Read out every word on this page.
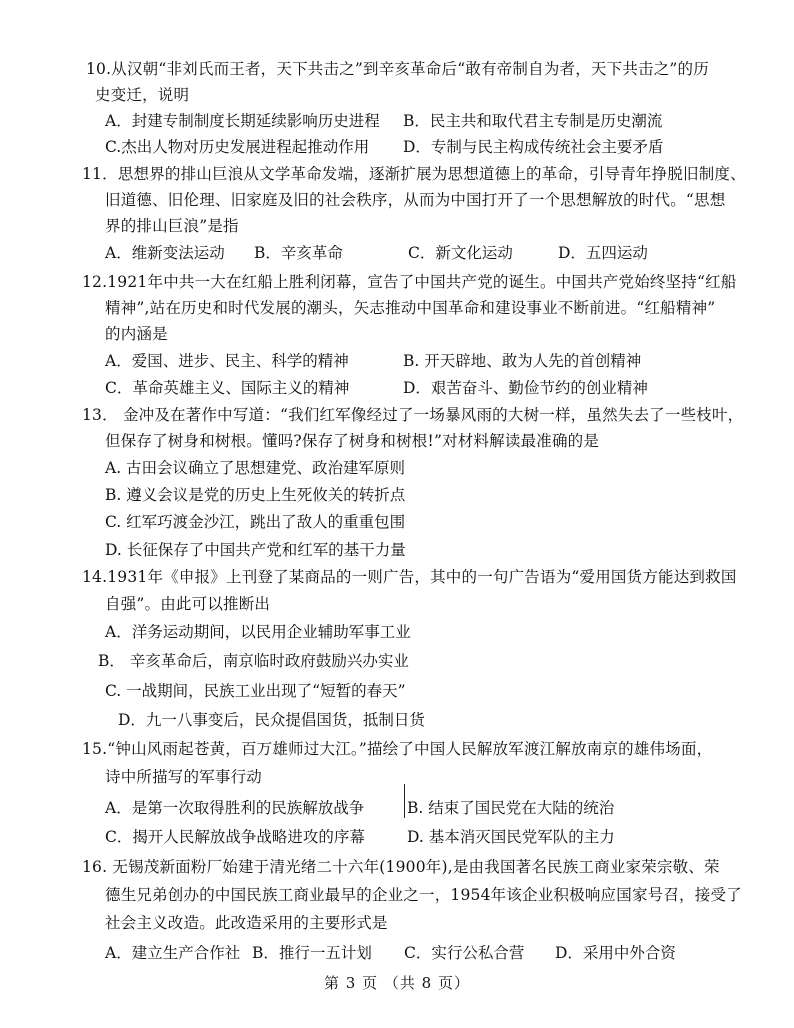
10.从汉朝“非刘氏而王者，天下共击之”到辛亥革命后“敢有帝制自为者，天下共击之”的历
史变迁，说明
A．封建专制制度长期延续影响历史进程 B．民主共和取代君主专制是历史潮流
C.杰出人物对历史发展进程起推动作用 D．专制与民主构成传统社会主要矛盾
11．思想界的排山巨浪从文学革命发端，逐渐扩展为思想道德上的革命，引导青年挣脱旧制度、
旧道德、旧伦理、旧家庭及旧的社会秩序，从而为中国打开了一个思想解放的时代。“思想
界的排山巨浪”是指
A．维新变法运动 B．辛亥革命	C．新文化运动	D．五四运动
12.1921年中共一大在红船上胜利闭幕，宣告了中国共产党的诞生。中国共产党始终坚持“红船
精神”,站在历史和时代发展的潮头，矢志推动中国革命和建设事业不断前进。“红船精神”
的内涵是
A．爱国、进步、民主、科学的精神	B. 开天辟地、敢为人先的首创精神
C．革命英雄主义、国际主义的精神	D．艰苦奋斗、勤俭节约的创业精神
13． 金冲及在著作中写道：“我们红军像经过了一场暴风雨的大树一样，虽然失去了一些枝叶，
但保存了树身和树根。懂吗?保存了树身和树根!”对材料解读最准确的是
A. 古田会议确立了思想建党、政治建军原则
B. 遵义会议是党的历史上生死攸关的转折点
C. 红军巧渡金沙江，跳出了敌人的重重包围
D. 长征保存了中国共产党和红军的基干力量
14.1931年《申报》上刊登了某商品的一则广告，其中的一句广告语为“爱用国货方能达到救国
自强”。由此可以推断出
A．洋务运动期间，以民用企业辅助军事工业
B． 辛亥革命后，南京临时政府鼓励兴办实业
C. 一战期间，民族工业出现了“短暂的春天”
D．九一八事变后，民众提倡国货，抵制日货
15.“钟山风雨起苍黄，百万雄师过大江。”描绘了中国人民解放军渡江解放南京的雄伟场面，
诗中所描写的军事行动
A．是第一次取得胜利的民族解放战争	B. 结束了国民党在大陆的统治
C．揭开人民解放战争战略进攻的序幕	D. 基本消灭国民党军队的主力
16. 无锡茂新面粉厂始建于清光绪二十六年(1900年),是由我国著名民族工商业家荣宗敬、荣
德生兄弟创办的中国民族工商业最早的企业之一，1954年该企业积极响应国家号召，接受了
社会主义改造。此改造采用的主要形式是
A．建立生产合作社 B．推行一五计划 C．实行公私合营 D．采用中外合资
第 3 页 （共 8 页）
